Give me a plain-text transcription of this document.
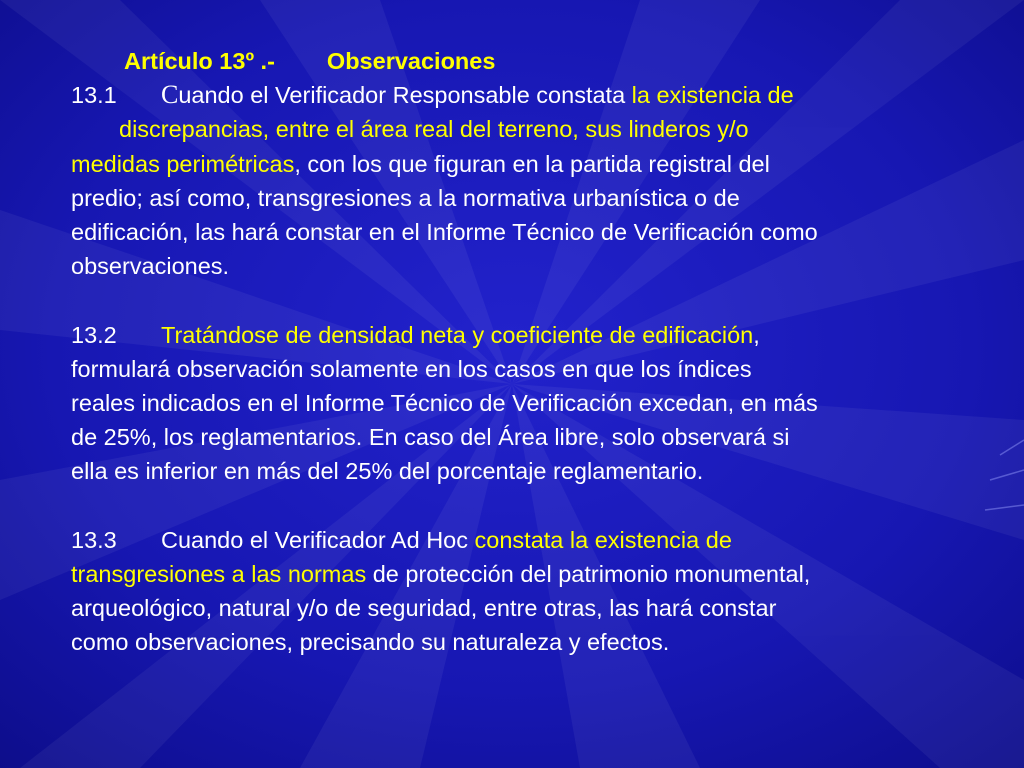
Artículo 13º .- Observaciones

13.1 Cuando el Verificador Responsable constata la existencia de

discrepancias, entre el área real del terreno, sus linderos y/o

medidas perimétricas, con los que figuran en la partida registral del

predio; así como, transgresiones a la normativa urbanística o de

edificación, las hará constar en el Informe Técnico de Verificación como

observaciones.

13.2 Tratándose de densidad neta y coeficiente de edificación,

formulará observación solamente en los casos en que los índices

reales indicados en el Informe Técnico de Verificación excedan, en más

de 25%, los reglamentarios. En caso del Área libre, solo observará si

ella es inferior en más del 25% del porcentaje reglamentario.

13.3 Cuando el Verificador Ad Hoc constata la existencia de

transgresiones a las normas de protección del patrimonio monumental,

arqueológico, natural y/o de seguridad, entre otras, las hará constar

como observaciones, precisando su naturaleza y efectos.
